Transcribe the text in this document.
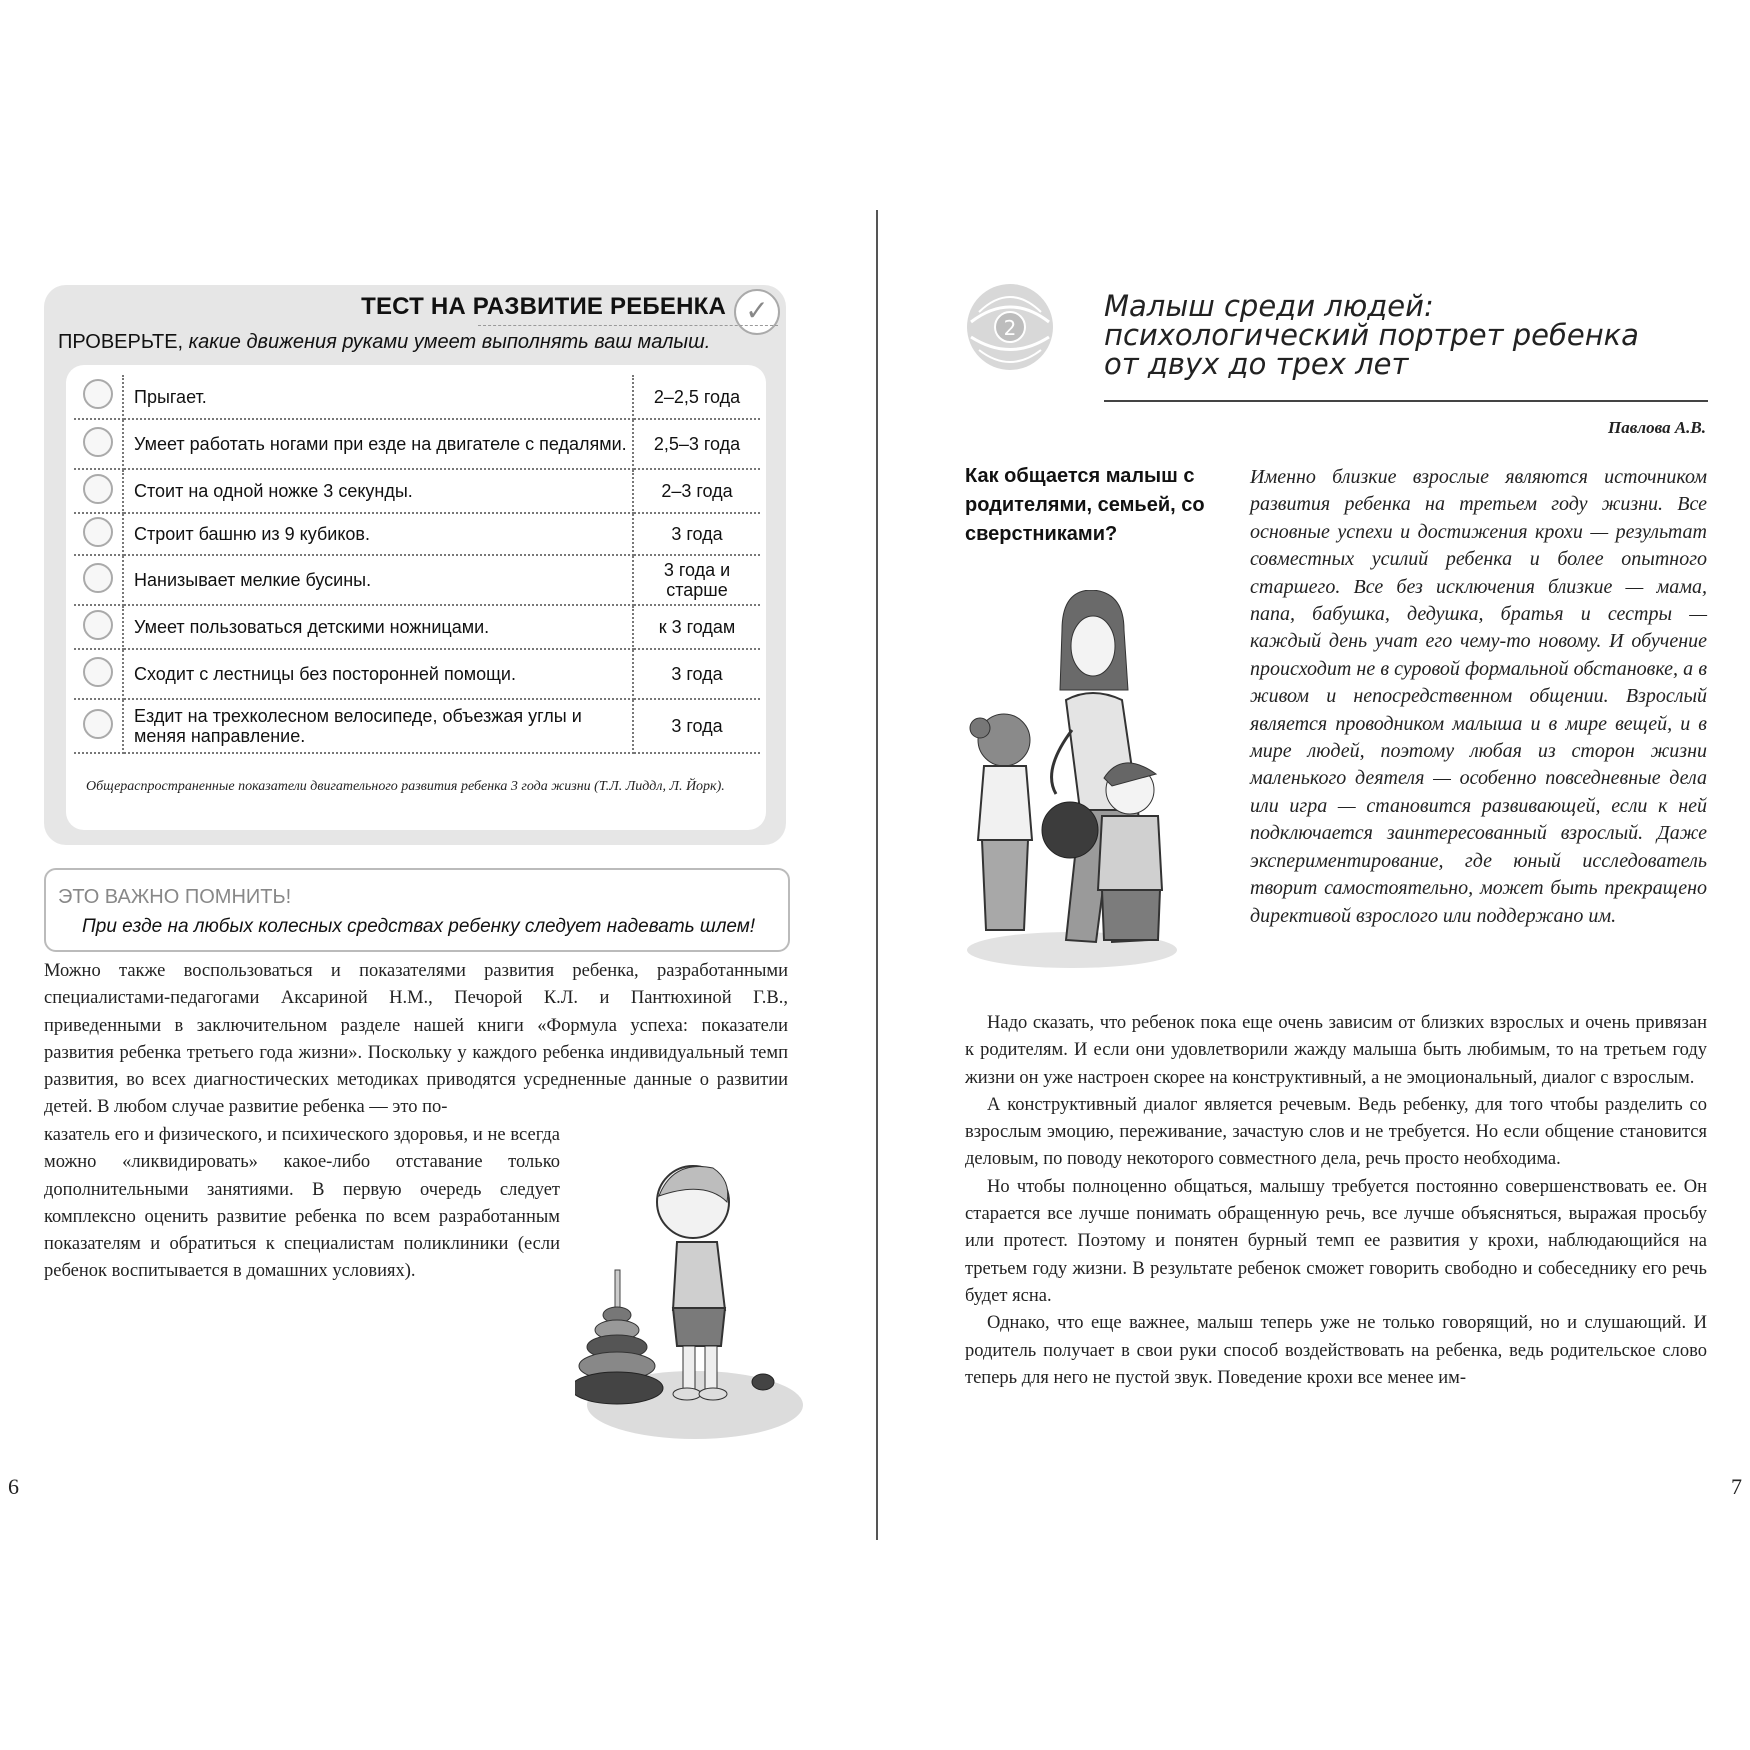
ТЕСТ НА РАЗВИТИЕ РЕБЕНКА ✓
ПРОВЕРЬТЕ, какие движения руками умеет выполнять ваш малыш.
	Прыгает.	2–2,5 года
	Умеет работать ногами при езде на двигателе с педалями.	2,5–3 года
	Стоит на одной ножке 3 секунды.	2–3 года
	Строит башню из 9 кубиков.	3 года
	Нанизывает мелкие бусины.	3 года и старше
	Умеет пользоваться детскими ножницами.	к 3 годам
	Сходит с лестницы без посторонней помощи.	3 года
	Ездит на трехколесном велосипеде, объезжая углы и меняя направление.	3 года
Общераспространенные показатели двигательного развития ребенка 3 года жизни (Т.Л. Лиддл, Л. Йорк).
ЭТО ВАЖНО ПОМНИТЬ!
При езде на любых колесных средствах ребенку следует надевать шлем!
Можно также воспользоваться и показателями развития ребенка, разработанными специалистами-педагогами Аксариной Н.М., Печорой К.Л. и Пантюхиной Г.В., приведенными в заключительном разделе нашей книги «Формула успеха: показатели развития ребенка третьего года жизни». Поскольку у каждого ребенка индивидуальный темп развития, во всех диагностических методиках приводятся усредненные данные о развитии детей. В любом случае развитие ребенка — это по-
казатель его и физического, и психического здоровья, и не всегда можно «ликвидировать» какое-либо отставание только дополнительными занятиями. В первую очередь следует комплексно оценить развитие ребенка по всем разработанным показателям и обратиться к специалистам поликлиники (если ребенок воспитывается в домашних условиях).
6
2
Малыш среди людей:
психологический портрет ребенка
от двух до трех лет
Павлова А.В.
Как общается малыш с родителями, семьей, со сверстниками?
Именно близкие взрослые являются источником развития ребенка на третьем году жизни. Все основные успехи и достижения крохи — результат совместных усилий ребенка и более опытного старшего. Все без исключения близкие — мама, папа, бабушка, дедушка, братья и сестры — каждый день учат его чему-то новому. И обучение происходит не в суровой формальной обстановке, а в живом и непосредственном общении. Взрослый является проводником малыша и в мире вещей, и в мире людей, поэтому любая из сторон жизни маленького деятеля — особенно повседневные дела или игра — становится развивающей, если к ней подключается заинтересованный взрослый. Даже экспериментирование, где юный исследователь творит самостоятельно, может быть прекращено директивой взрослого или поддержано им.

Надо сказать, что ребенок пока еще очень зависим от близких взрослых и очень привязан к родителям. И если они удовлетворили жажду малыша быть любимым, то на третьем году жизни он уже настроен скорее на конструктивный, а не эмоциональный, диалог с взрослым.

А конструктивный диалог является речевым. Ведь ребенку, для того чтобы разделить со взрослым эмоцию, переживание, зачастую слов и не требуется. Но если общение становится деловым, по поводу некоторого совместного дела, речь просто необходима.

Но чтобы полноценно общаться, малышу требуется постоянно совершенствовать ее. Он старается все лучше понимать обращенную речь, все лучше объясняться, выражая просьбу или протест. Поэтому и понятен бурный темп ее развития у крохи, наблюдающийся на третьем году жизни. В результате ребенок сможет говорить свободно и собеседнику его речь будет ясна.

Однако, что еще важнее, малыш теперь уже не только говорящий, но и слушающий. И родитель получает в свои руки способ воздействовать на ребенка, ведь родительское слово теперь для него не пустой звук. Поведение крохи все менее им-

7
